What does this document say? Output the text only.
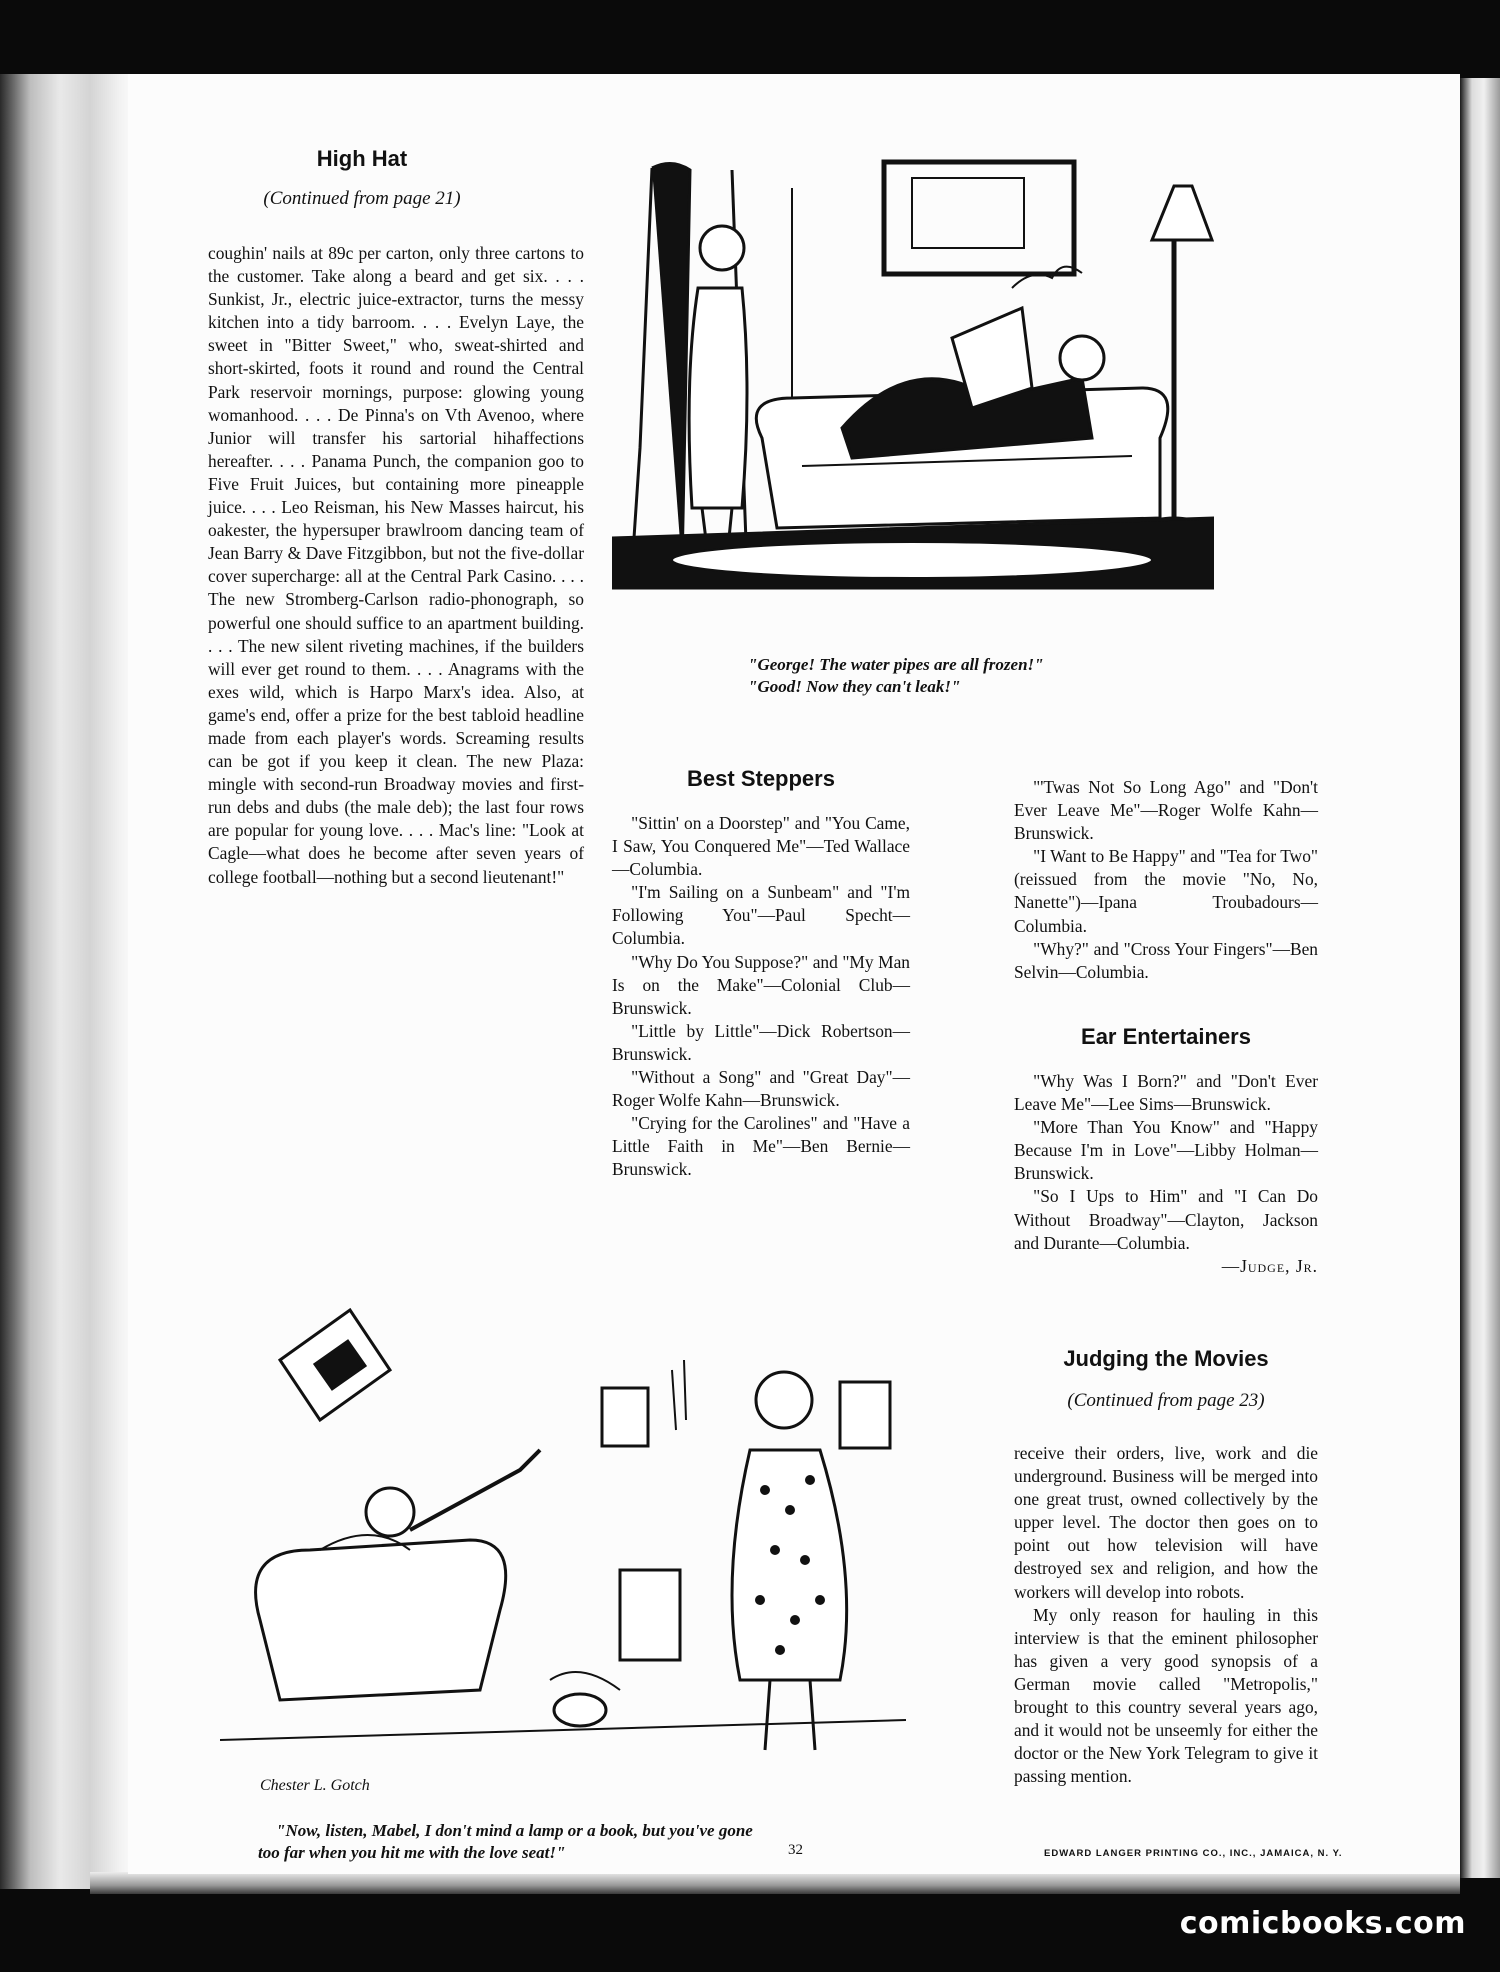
High Hat

(Continued from page 21)

coughin' nails at 89c per carton, only three cartons to the customer. Take along a beard and get six. . . . Sunkist, Jr., electric juice-extractor, turns the messy kitchen into a tidy barroom. . . . Evelyn Laye, the sweet in "Bitter Sweet," who, sweat-shirted and short-skirted, foots it round and round the Central Park reservoir mornings, purpose: glowing young womanhood. . . . De Pinna's on Vth Avenoo, where Junior will transfer his sartorial hihaffections hereafter. . . . Panama Punch, the companion goo to Five Fruit Juices, but containing more pineapple juice. . . . Leo Reisman, his New Masses haircut, his oakester, the hypersuper brawlroom dancing team of Jean Barry & Dave Fitzgibbon, but not the five-dollar cover supercharge: all at the Central Park Casino. . . . The new Stromberg-Carlson radio-phonograph, so powerful one should suffice to an apartment building. . . . The new silent riveting machines, if the builders will ever get round to them. . . . Anagrams with the exes wild, which is Harpo Marx's idea. Also, at game's end, offer a prize for the best tabloid headline made from each player's words. Screaming results can be got if you keep it clean. The new Plaza: mingle with second-run Broadway movies and first-run debs and dubs (the male deb); the last four rows are popular for young love. . . . Mac's line: "Look at Cagle—what does he become after seven years of college football—nothing but a second lieutenant!"

"George! The water pipes are all frozen!"

"Good! Now they can't leak!"

Best Steppers

"Sittin' on a Doorstep" and "You Came, I Saw, You Conquered Me"—Ted Wallace—Columbia.

"I'm Sailing on a Sunbeam" and "I'm Following You"—Paul Specht—Columbia.

"Why Do You Suppose?" and "My Man Is on the Make"—Colonial Club—Brunswick.

"Little by Little"—Dick Robertson—Brunswick.

"Without a Song" and "Great Day"—Roger Wolfe Kahn—Brunswick.

"Crying for the Carolines" and "Have a Little Faith in Me"—Ben Bernie—Brunswick.

"'Twas Not So Long Ago" and "Don't Ever Leave Me"—Roger Wolfe Kahn—Brunswick.

"I Want to Be Happy" and "Tea for Two" (reissued from the movie "No, No, Nanette")—Ipana Troubadours—Columbia.

"Why?" and "Cross Your Fingers"—Ben Selvin—Columbia.

Ear Entertainers

"Why Was I Born?" and "Don't Ever Leave Me"—Lee Sims—Brunswick.

"More Than You Know" and "Happy Because I'm in Love"—Libby Holman—Brunswick.

"So I Ups to Him" and "I Can Do Without Broadway"—Clayton, Jackson and Durante—Columbia.

—Judge, Jr.

Judging the Movies

(Continued from page 23)

receive their orders, live, work and die underground. Business will be merged into one great trust, owned collectively by the upper level. The doctor then goes on to point out how television will have destroyed sex and religion, and how the workers will develop into robots.

My only reason for hauling in this interview is that the eminent philosopher has given a very good synopsis of a German movie called "Metropolis," brought to this country several years ago, and it would not be unseemly for either the doctor or the New York Telegram to give it passing mention.

Chester L. Gotch

"Now, listen, Mabel, I don't mind a lamp or a book, but you've gone

too far when you hit me with the love seat!"	32	EDWARD LANGER PRINTING CO., INC., JAMAICA, N. Y.
comicbooks.com
